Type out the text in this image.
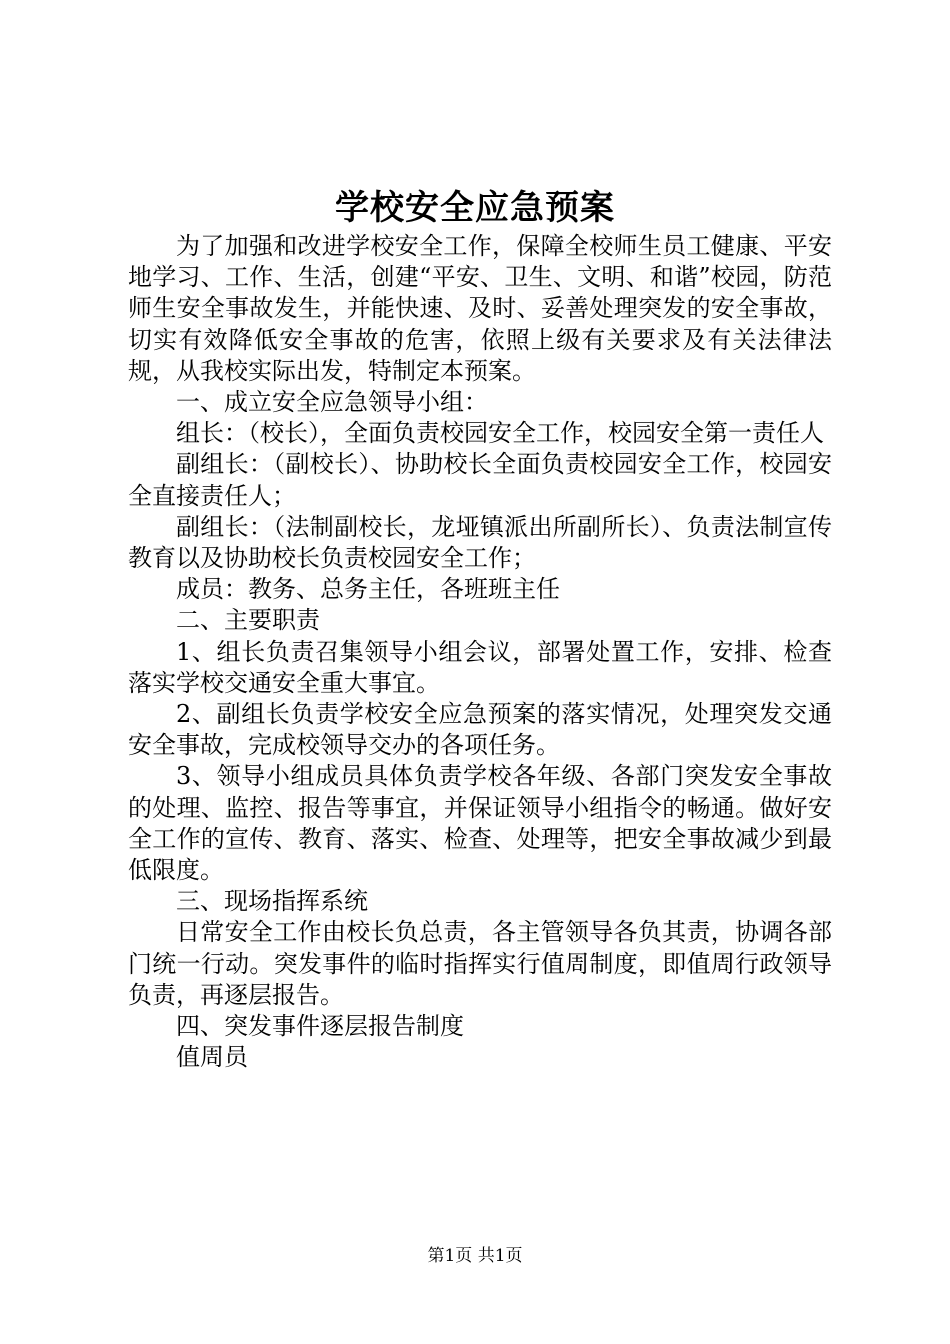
学校安全应急预案

为了加强和改进学校安全工作，保障全校师生员工健康、平安地学习、工作、生活，创建“平安、卫生、文明、和谐”校园，防范师生安全事故发生，并能快速、及时、妥善处理突发的安全事故，切实有效降低安全事故的危害，依照上级有关要求及有关法律法规，从我校实际出发，特制定本预案。

一、成立安全应急领导小组：

组长：（校长），全面负责校园安全工作，校园安全第一责任人

副组长：（副校长）、协助校长全面负责校园安全工作，校园安全直接责任人；

副组长：（法制副校长，龙垭镇派出所副所长）、负责法制宣传教育以及协助校长负责校园安全工作；

成员：教务、总务主任，各班班主任

二、主要职责

1、组长负责召集领导小组会议，部署处置工作，安排、检查落实学校交通安全重大事宜。

2、副组长负责学校安全应急预案的落实情况，处理突发交通安全事故，完成校领导交办的各项任务。

3、领导小组成员具体负责学校各年级、各部门突发安全事故的处理、监控、报告等事宜，并保证领导小组指令的畅通。做好安全工作的宣传、教育、落实、检查、处理等，把安全事故减少到最低限度。

三、现场指挥系统

日常安全工作由校长负总责，各主管领导各负其责，协调各部门统一行动。突发事件的临时指挥实行值周制度，即值周行政领导负责，再逐层报告。

四、突发事件逐层报告制度

值周员

第1页 共1页
